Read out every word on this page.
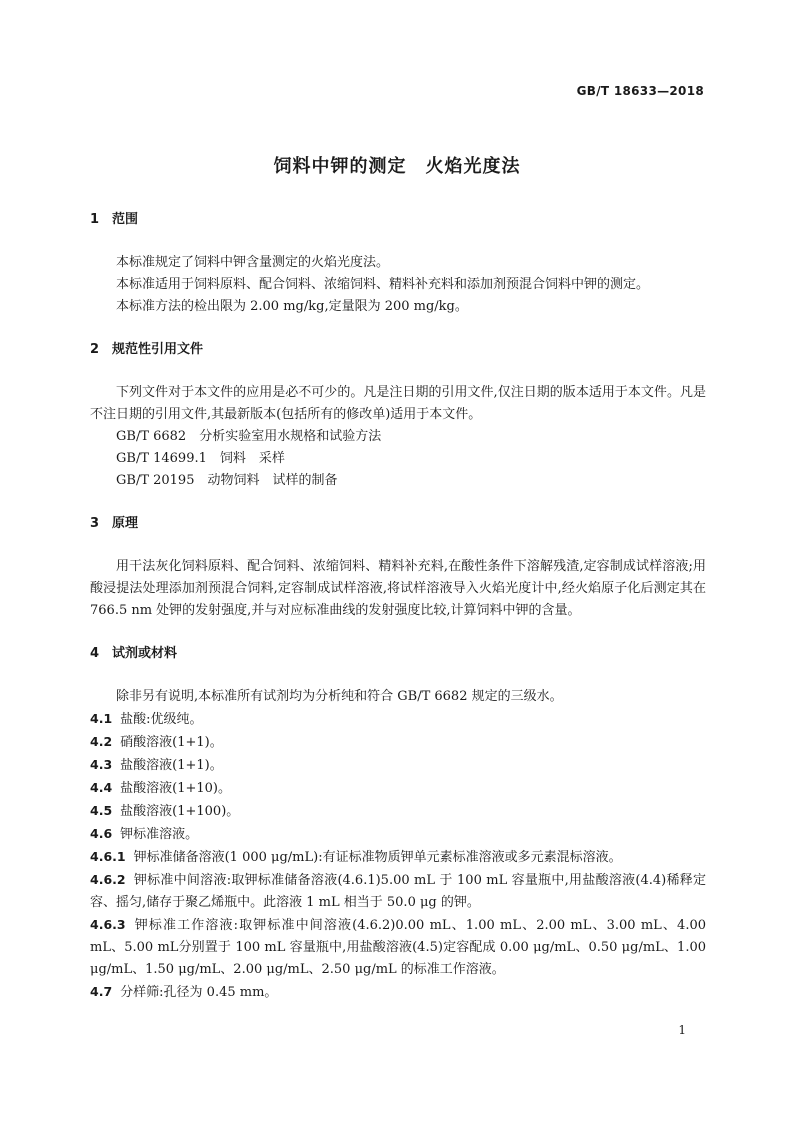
GB/T 18633—2018
饲料中钾的测定　火焰光度法
1 范围

本标准规定了饲料中钾含量测定的火焰光度法。

本标准适用于饲料原料、配合饲料、浓缩饲料、精料补充料和添加剂预混合饲料中钾的测定。

本标准方法的检出限为 2.00 mg/kg,定量限为 200 mg/kg。

2 规范性引用文件

下列文件对于本文件的应用是必不可少的。凡是注日期的引用文件,仅注日期的版本适用于本文件。凡是不注日期的引用文件,其最新版本(包括所有的修改单)适用于本文件。

GB/T 6682　分析实验室用水规格和试验方法

GB/T 14699.1　饲料　采样

GB/T 20195　动物饲料　试样的制备

3 原理

用干法灰化饲料原料、配合饲料、浓缩饲料、精料补充料,在酸性条件下溶解残渣,定容制成试样溶液;用酸浸提法处理添加剂预混合饲料,定容制成试样溶液,将试样溶液导入火焰光度计中,经火焰原子化后测定其在 766.5 nm 处钾的发射强度,并与对应标准曲线的发射强度比较,计算饲料中钾的含量。

4 试剂或材料

除非另有说明,本标准所有试剂均为分析纯和符合 GB/T 6682 规定的三级水。

4.1 盐酸:优级纯。

4.2 硝酸溶液(1+1)。

4.3 盐酸溶液(1+1)。

4.4 盐酸溶液(1+10)。

4.5 盐酸溶液(1+100)。

4.6 钾标准溶液。

4.6.1 钾标准储备溶液(1 000 μg/mL):有证标准物质钾单元素标准溶液或多元素混标溶液。

4.6.2 钾标准中间溶液:取钾标准储备溶液(4.6.1)5.00 mL 于 100 mL 容量瓶中,用盐酸溶液(4.4)稀释定容、摇匀,储存于聚乙烯瓶中。此溶液 1 mL 相当于 50.0 μg 的钾。

4.6.3 钾标准工作溶液:取钾标准中间溶液(4.6.2)0.00 mL、1.00 mL、2.00 mL、3.00 mL、4.00 mL、5.00 mL分别置于 100 mL 容量瓶中,用盐酸溶液(4.5)定容配成 0.00 μg/mL、0.50 μg/mL、1.00 μg/mL、1.50 μg/mL、2.00 μg/mL、2.50 μg/mL 的标准工作溶液。

4.7 分样筛:孔径为 0.45 mm。

1
